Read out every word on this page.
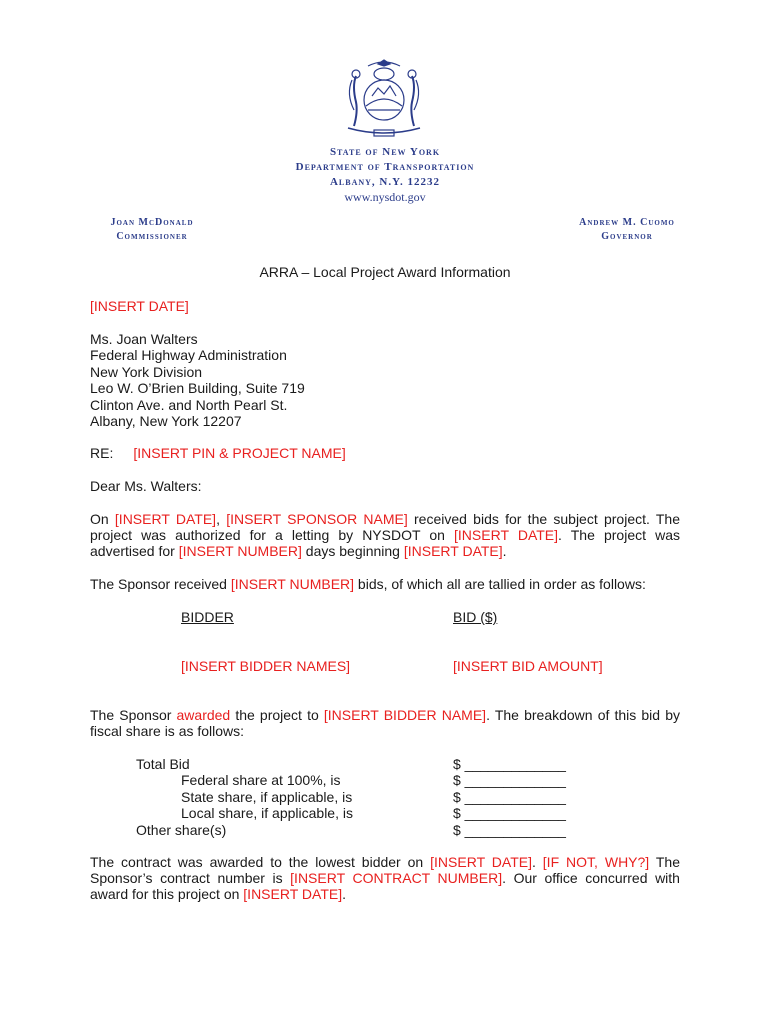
State of New York
Department of Transportation
Albany, N.Y. 12232
www.nysdot.gov
Joan McDonald
Commissioner
Andrew M. Cuomo
Governor
ARRA – Local Project Award Information
[INSERT DATE]
Ms. Joan Walters
Federal Highway Administration
New York Division
Leo W. O’Brien Building, Suite 719
Clinton Ave. and North Pearl St.
Albany, New York 12207
RE: [INSERT PIN & PROJECT NAME]
Dear Ms. Walters:
On [INSERT DATE], [INSERT SPONSOR NAME] received bids for the subject project. The project was authorized for a letting by NYSDOT on [INSERT DATE]. The project was advertised for [INSERT NUMBER] days beginning [INSERT DATE].
The Sponsor received [INSERT NUMBER] bids, of which all are tallied in order as follows:
BIDDER	BID ($)
[INSERT BIDDER NAMES]	[INSERT BID AMOUNT]
The Sponsor awarded the project to [INSERT BIDDER NAME]. The breakdown of this bid by fiscal share is as follows:
Total Bid	$ _____________
Federal share at 100%, is	$ _____________
State share, if applicable, is	$ _____________
Local share, if applicable, is	$ _____________
Other share(s)	$ _____________
The contract was awarded to the lowest bidder on [INSERT DATE]. [IF NOT, WHY?] The Sponsor’s contract number is [INSERT CONTRACT NUMBER]. Our office concurred with award for this project on [INSERT DATE].
